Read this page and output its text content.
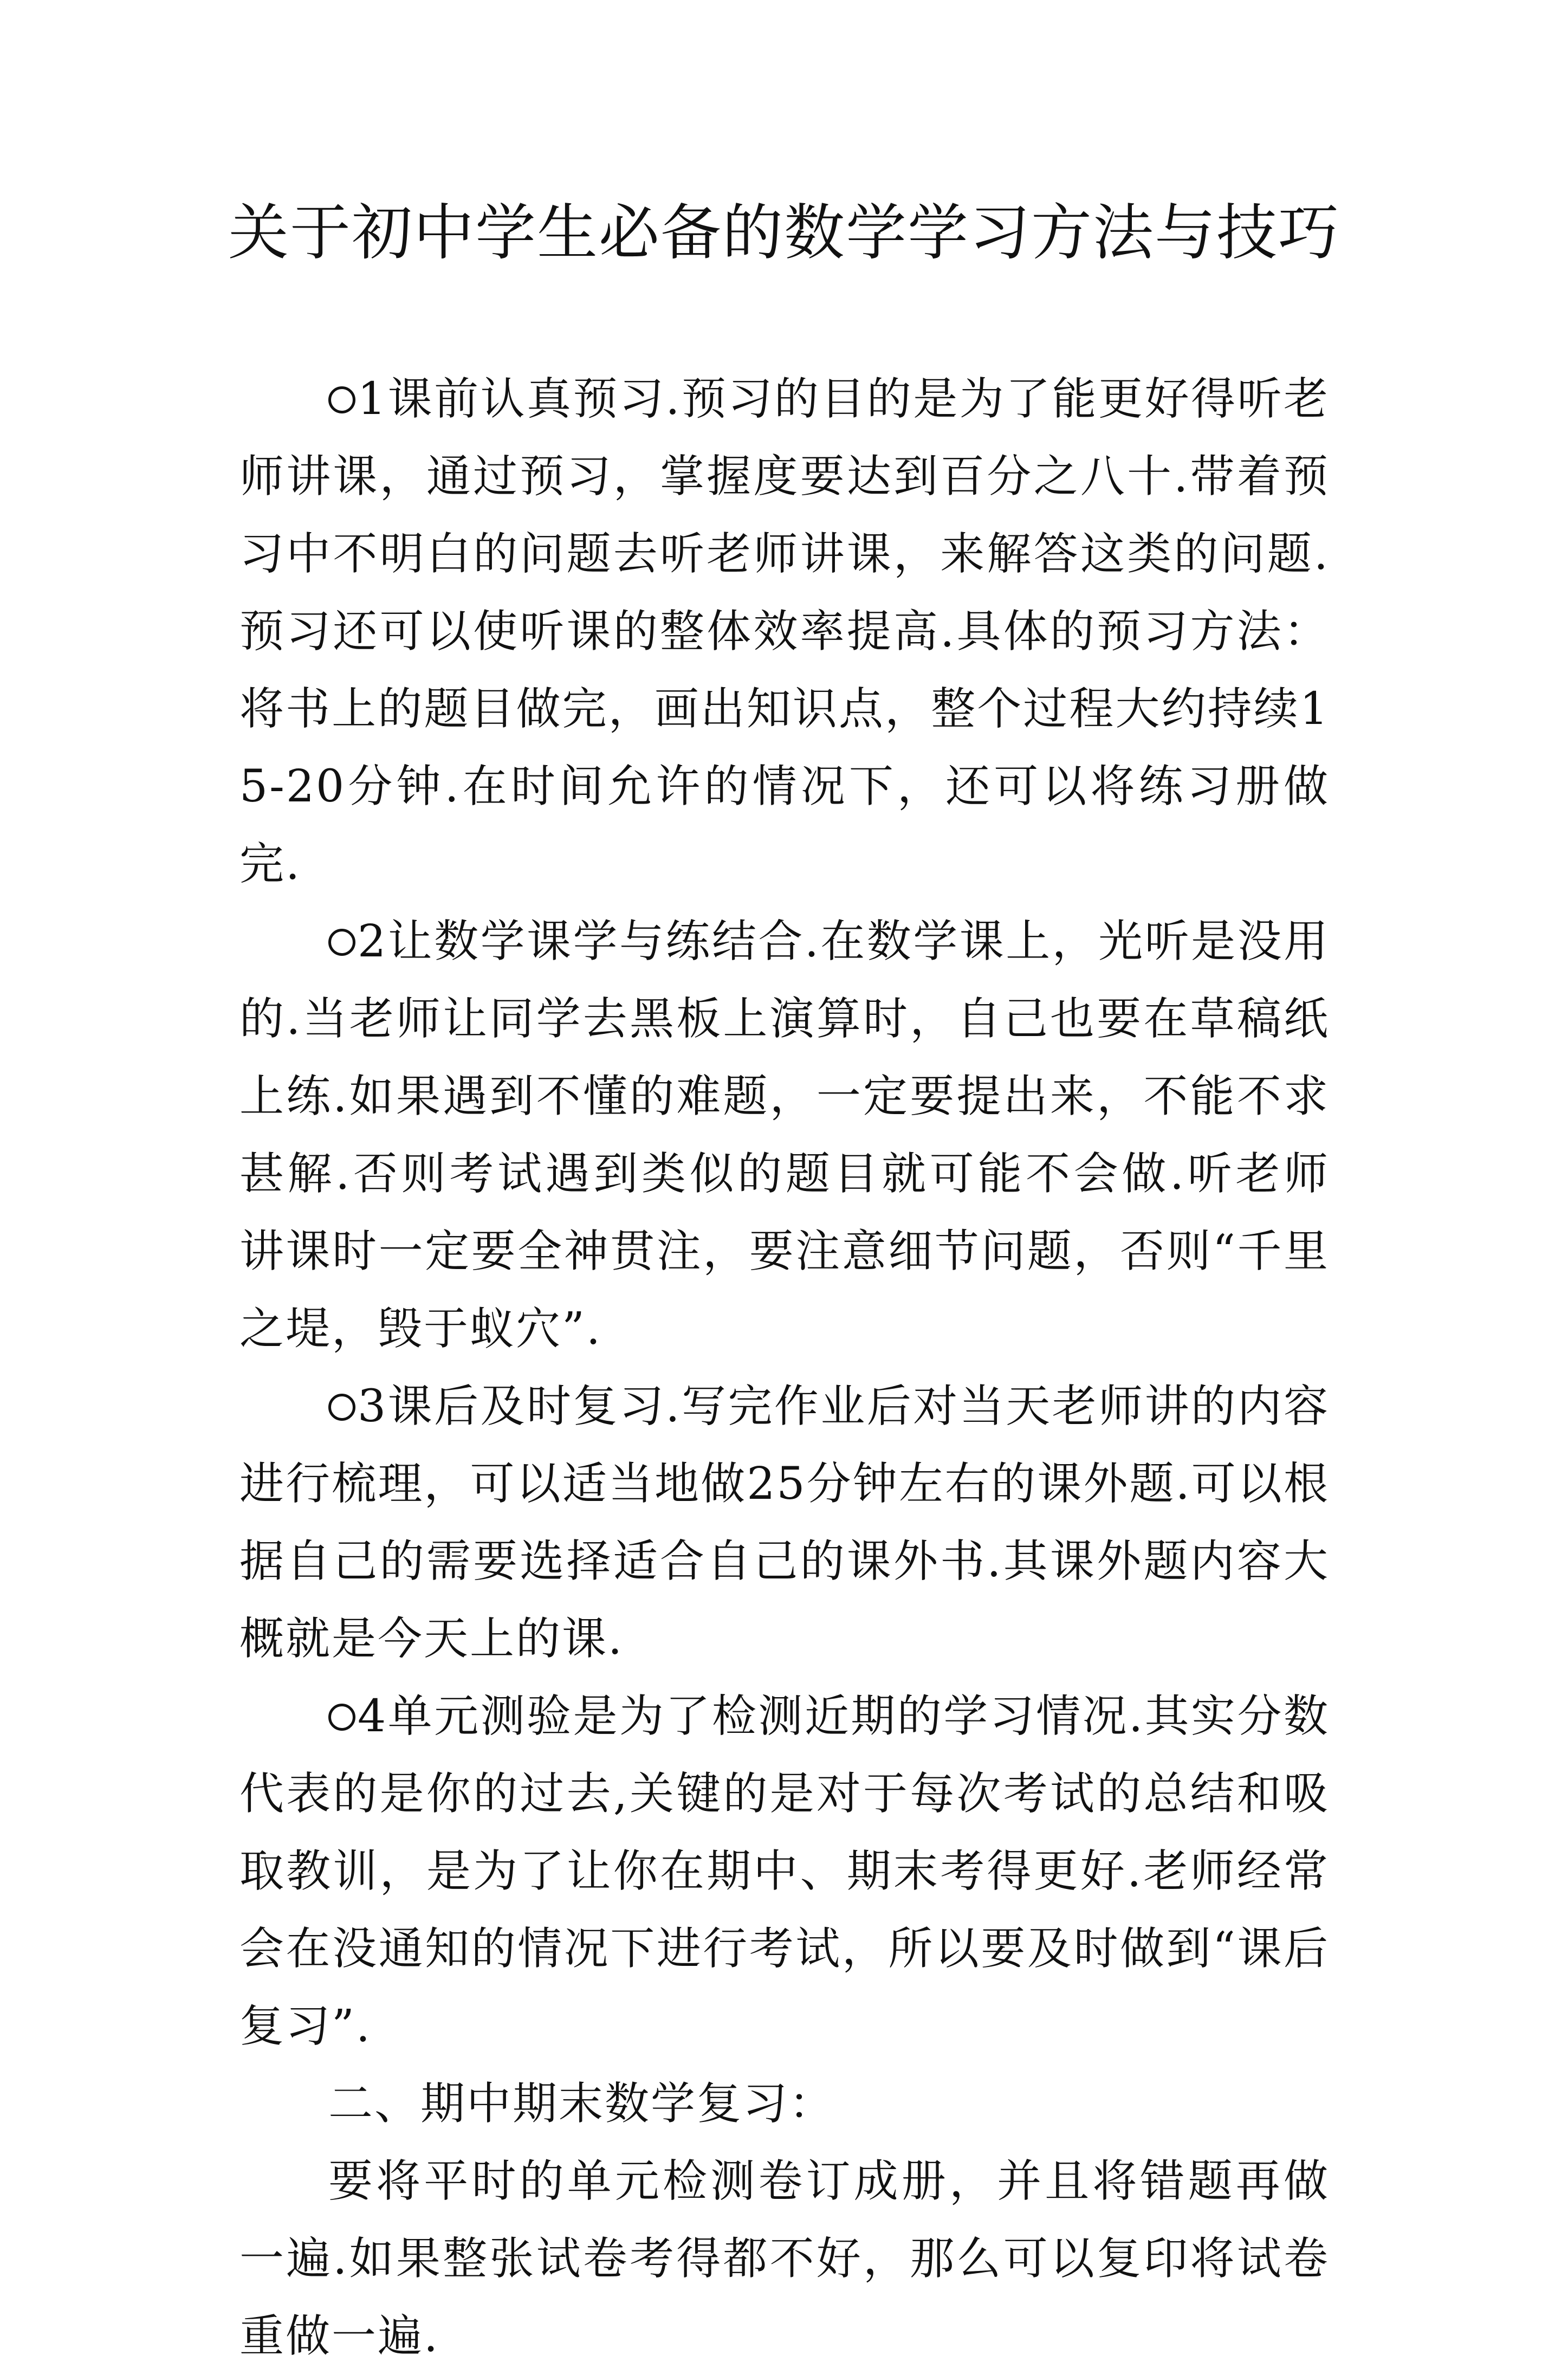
关于初中学生必备的数学学习方法与技巧

1课前认真预习.预习的目的是为了能更好得听老师讲课，通过预习，掌握度要达到百分之八十.带着预习中不明白的问题去听老师讲课，来解答这类的问题.预习还可以使听课的整体效率提高.具体的预习方法：将书上的题目做完，画出知识点，整个过程大约持续15-20分钟.在时间允许的情况下，还可以将练习册做完.

2让数学课学与练结合.在数学课上，光听是没用的.当老师让同学去黑板上演算时，自己也要在草稿纸上练.如果遇到不懂的难题，一定要提出来，不能不求甚解.否则考试遇到类似的题目就可能不会做.听老师讲课时一定要全神贯注，要注意细节问题，否则“千里之堤，毁于蚁穴”.

3课后及时复习.写完作业后对当天老师讲的内容进行梳理，可以适当地做25分钟左右的课外题.可以根据自己的需要选择适合自己的课外书.其课外题内容大概就是今天上的课.

4单元测验是为了检测近期的学习情况.其实分数代表的是你的过去,关键的是对于每次考试的总结和吸取教训，是为了让你在期中、期末考得更好.老师经常会在没通知的情况下进行考试，所以要及时做到“课后复习”.

二、期中期末数学复习：

要将平时的单元检测卷订成册，并且将错题再做一遍.如果整张试卷考得都不好，那么可以复印将试卷重做一遍.
